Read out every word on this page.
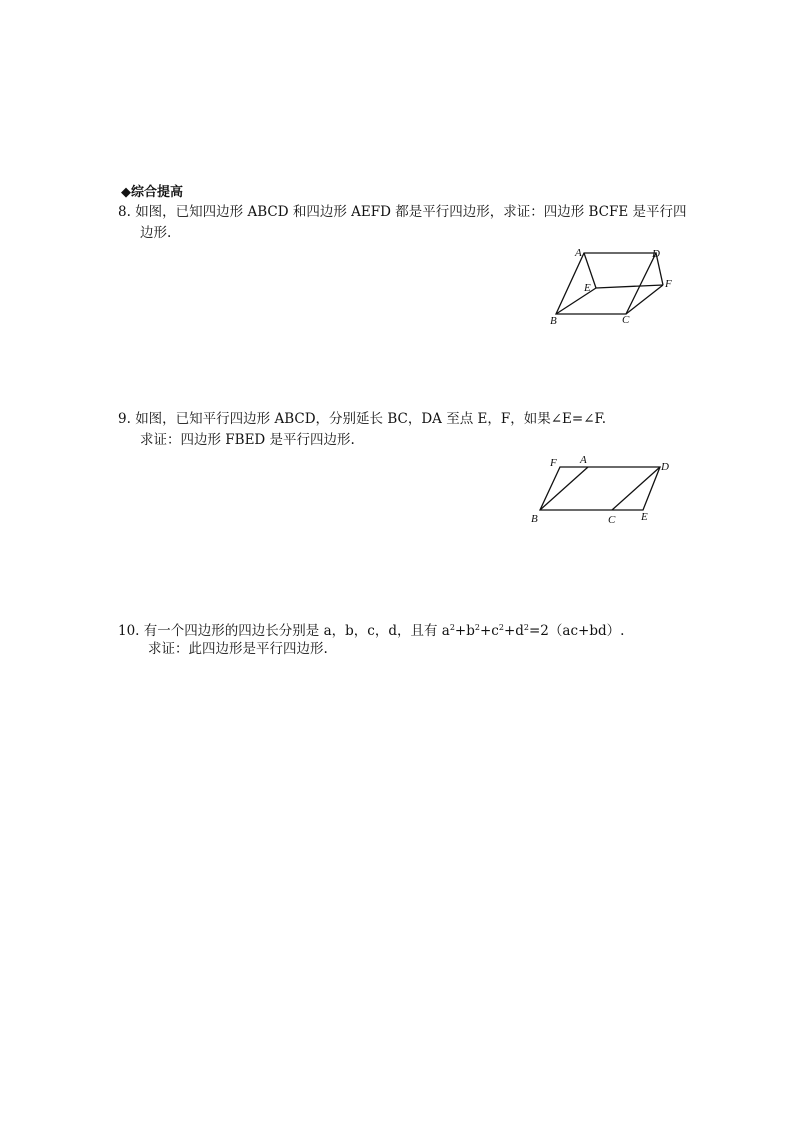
◆综合提高
8. 如图，已知四边形 ABCD 和四边形 AEFD 都是平行四边形，求证：四边形 BCFE 是平行四
边形.
A	D
E	F
B	C
9. 如图，已知平行四边形 ABCD，分别延长 BC，DA 至点 E，F，如果∠E=∠F.
求证：四边形 FBED 是平行四边形.
F A
D
B	C E
10. 有一个四边形的四边长分别是 a，b，c，d，且有 $a^2+b^2+c^2+d^2=2(ac+bd)$.
求证：此四边形是平行四边形.
